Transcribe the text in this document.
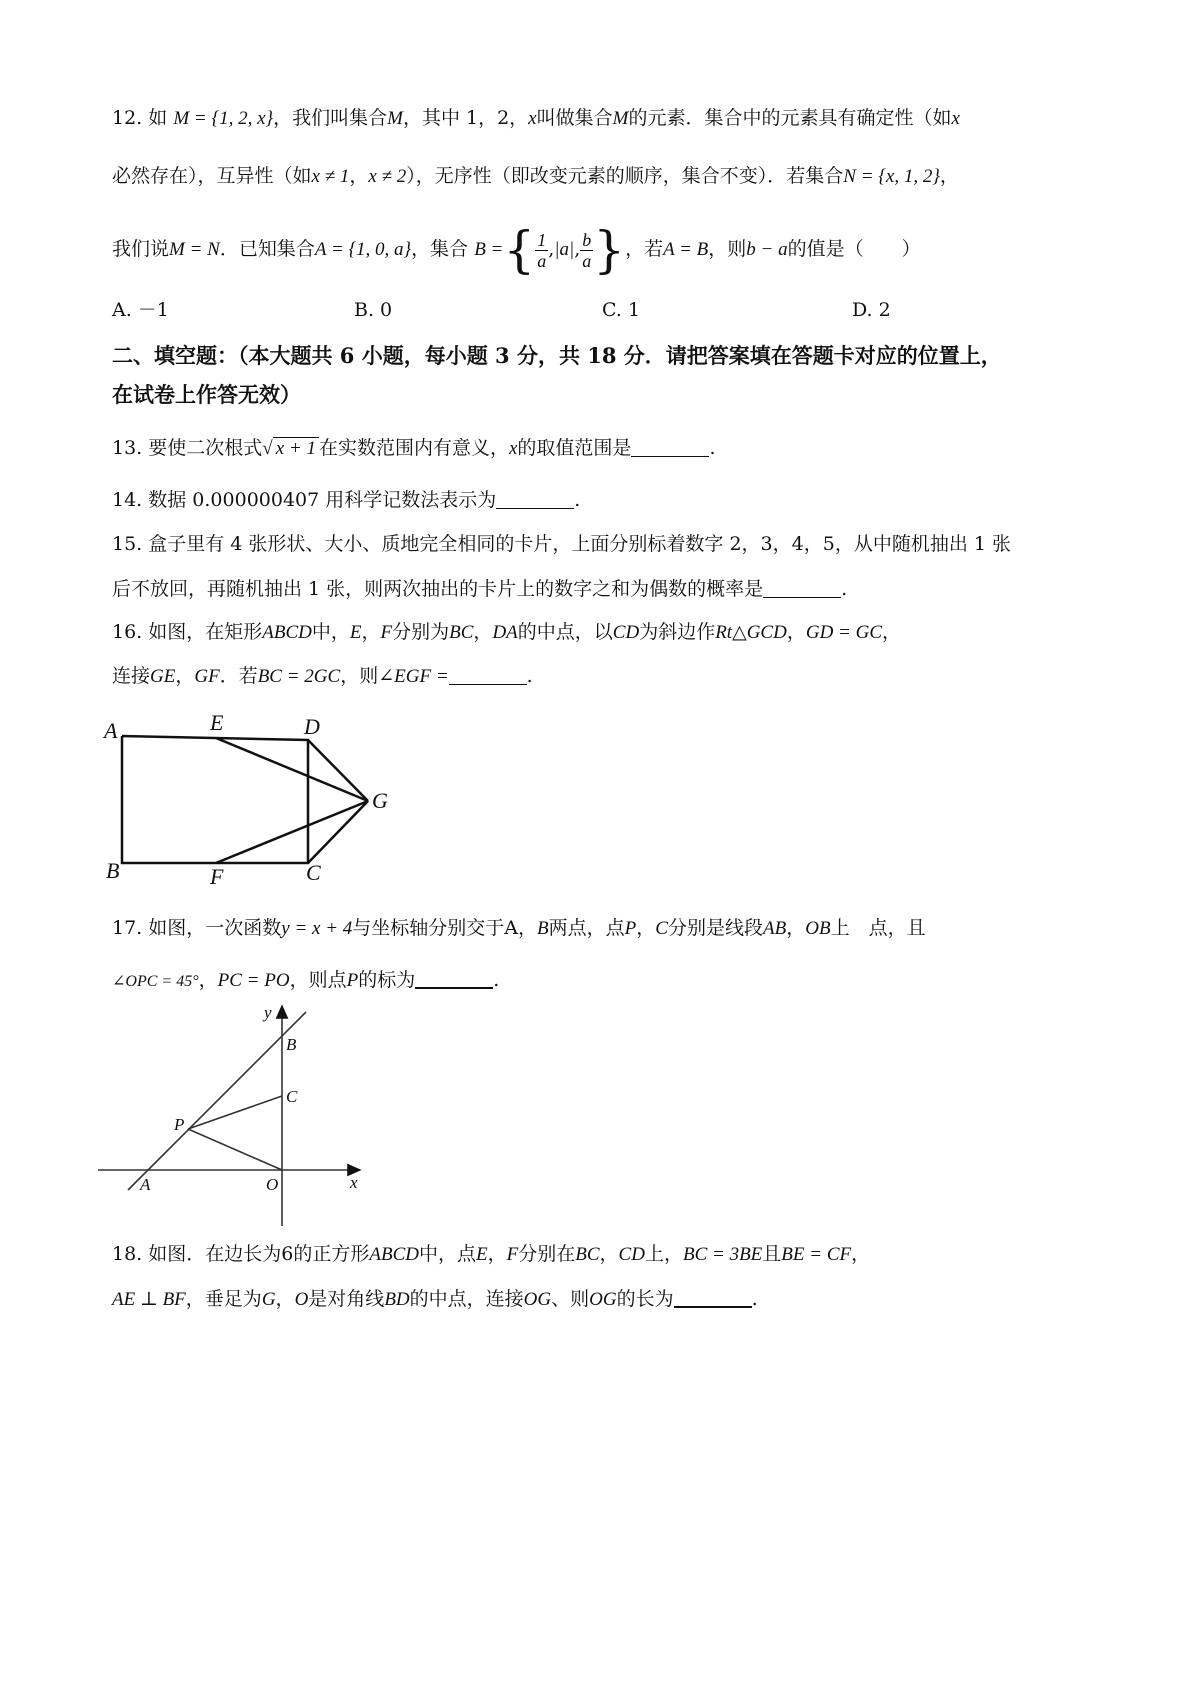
12. 如 M = {1, 2, x}，我们叫集合M，其中 1，2，x叫做集合M的元素．集合中的元素具有确定性（如x
必然存在），互异性（如x ≠ 1，x ≠ 2），无序性（即改变元素的顺序，集合不变）．若集合N = {x, 1, 2}，
我们说M = N．已知集合A = {1, 0, a}，集合 B ={ $\frac{1}{a} ,|a|$, $\frac{b}{a}$ }，若A = B，则b − a的值是（　　）
A. －1	B. 0	C. 1	D. 2
二、填空题：（本大题共 6 小题，每小题 3 分，共 18 分．请把答案填在答题卡对应的位置上，
在试卷上作答无效）
13. 要使二次根式√ x + 1 在实数范围内有意义，x的取值范围是	.
14. 数据 0.000000407 用科学记数法表示为	.
15. 盒子里有 4 张形状、大小、质地完全相同的卡片，上面分别标着数字 2，3，4，5，从中随机抽出 1 张
后不放回，再随机抽出 1 张，则两次抽出的卡片上的数字之和为偶数的概率是	.
16. 如图，在矩形ABCD中，E，F分别为BC，DA的中点，以CD为斜边作Rt△GCD，GD = GC，
连接GE，GF．若BC = 2GC，则∠EGF =	.
A	E	D
G
B	F	C
17. 如图，一次函数y = x + 4与坐标轴分别交于A，B两点，点P，C分别是线段AB，OB上　点，且
∠OPC = 45°，PC = PO，则点P的标为	.
y
B
C
P
A	O	x
18. 如图．在边长为6的正方形ABCD中，点E，F分别在BC，CD上，BC = 3BE且BE = CF，
AE ⊥ BF，垂足为G，O是对角线BD的中点，连接OG、则OG的长为	.
